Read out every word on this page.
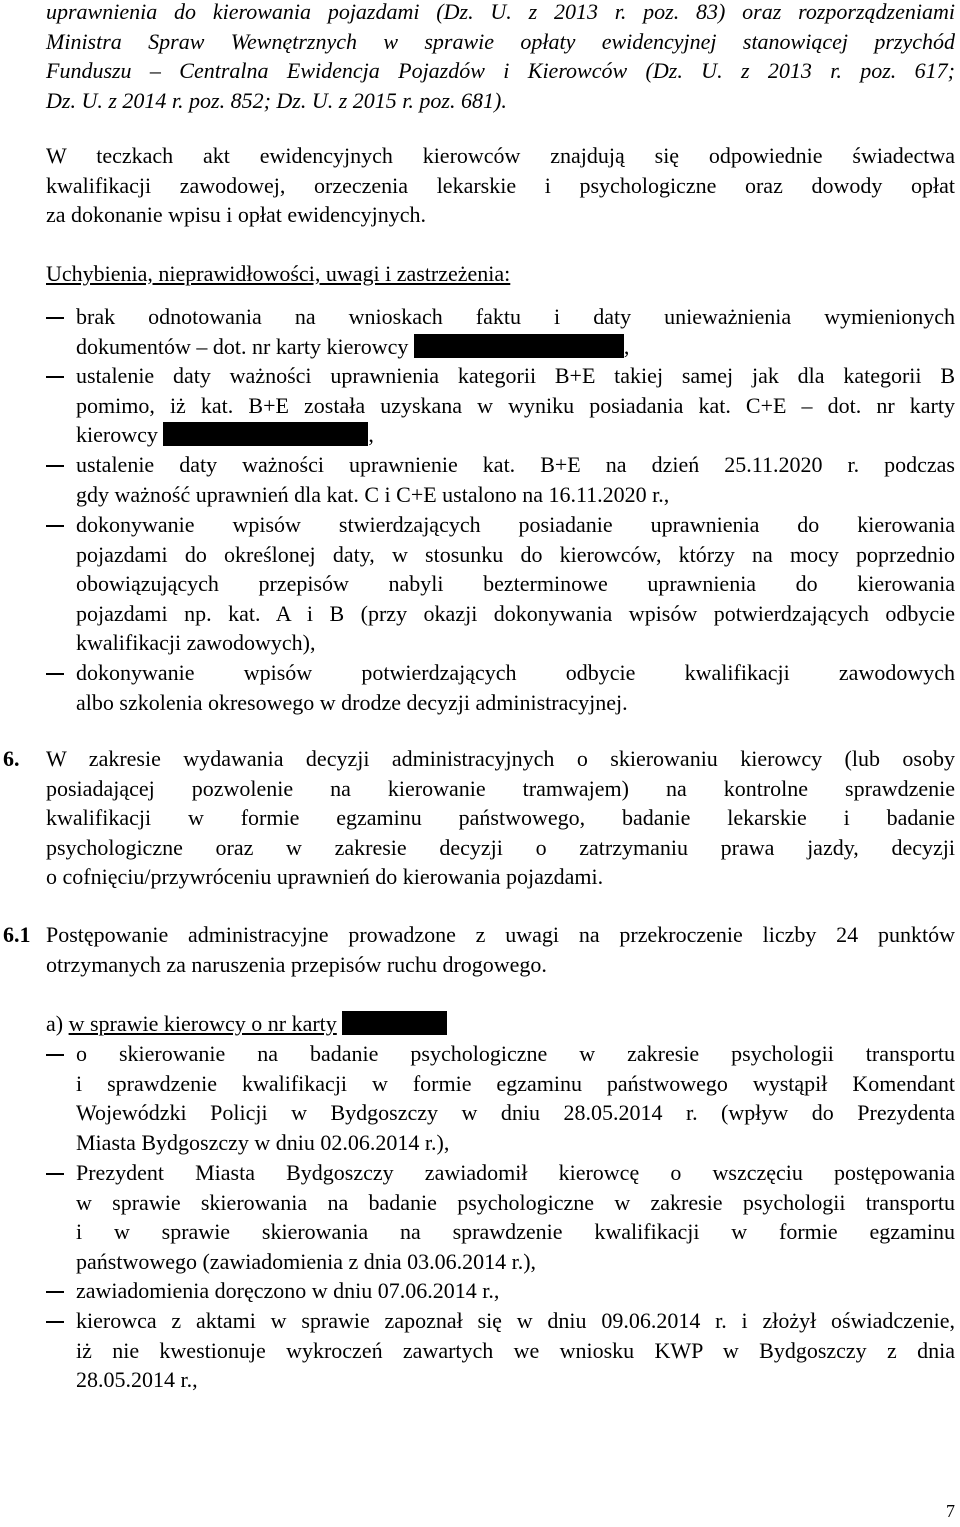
uprawnienia do kierowania pojazdami (Dz. U. z 2013 r. poz. 83) oraz rozporządzeniami

Ministra Spraw Wewnętrznych w sprawie opłaty ewidencyjnej stanowiącej przychód

Funduszu – Centralna Ewidencja Pojazdów i Kierowców (Dz. U. z 2013 r. poz. 617;

Dz. U. z 2014 r. poz. 852; Dz. U. z 2015 r. poz. 681).

W teczkach akt ewidencyjnych kierowców znajdują się odpowiednie świadectwa

kwalifikacji zawodowej, orzeczenia lekarskie i psychologiczne oraz dowody opłat

za dokonanie wpisu i opłat ewidencyjnych.

Uchybienia, nieprawidłowości, uwagi i zastrzeżenia:

brak odnotowania na wnioskach faktu i daty unieważnienia wymienionych

dokumentów – dot. nr karty kierowcy	,

ustalenie daty ważności uprawnienia kategorii B+E takiej samej jak dla kategorii B

pomimo, iż kat. B+E została uzyskana w wyniku posiadania kat. C+E – dot. nr karty

kierowcy	,

ustalenie daty ważności uprawnienie kat. B+E na dzień 25.11.2020 r. podczas

gdy ważność uprawnień dla kat. C i C+E ustalono na 16.11.2020 r.,

dokonywanie wpisów stwierdzających posiadanie uprawnienia do kierowania

pojazdami do określonej daty, w stosunku do kierowców, którzy na mocy poprzednio

obowiązujących przepisów nabyli bezterminowe uprawnienia do kierowania

pojazdami np. kat. A i B (przy okazji dokonywania wpisów potwierdzających odbycie

kwalifikacji zawodowych),

dokonywanie wpisów potwierdzających odbycie kwalifikacji zawodowych

albo szkolenia okresowego w drodze decyzji administracyjnej.

6. W zakresie wydawania decyzji administracyjnych o skierowaniu kierowcy (lub osoby

posiadającej pozwolenie na kierowanie tramwajem) na kontrolne sprawdzenie

kwalifikacji w formie egzaminu państwowego, badanie lekarskie i badanie

psychologiczne oraz w zakresie decyzji o zatrzymaniu prawa jazdy, decyzji

o cofnięciu/przywróceniu uprawnień do kierowania pojazdami.

6.1 Postępowanie administracyjne prowadzone z uwagi na przekroczenie liczby 24 punktów

otrzymanych za naruszenia przepisów ruchu drogowego.

a) w sprawie kierowcy o nr karty

o skierowanie na badanie psychologiczne w zakresie psychologii transportu

i sprawdzenie kwalifikacji w formie egzaminu państwowego wystąpił Komendant

Wojewódzki Policji w Bydgoszczy w dniu 28.05.2014 r. (wpływ do Prezydenta

Miasta Bydgoszczy w dniu 02.06.2014 r.),

Prezydent Miasta Bydgoszczy zawiadomił kierowcę o wszczęciu postępowania

w sprawie skierowania na badanie psychologiczne w zakresie psychologii transportu

i w sprawie skierowania na sprawdzenie kwalifikacji w formie egzaminu

państwowego (zawiadomienia z dnia 03.06.2014 r.),

zawiadomienia doręczono w dniu 07.06.2014 r.,

kierowca z aktami w sprawie zapoznał się w dniu 09.06.2014 r. i złożył oświadczenie,

iż nie kwestionuje wykroczeń zawartych we wniosku KWP w Bydgoszczy z dnia

28.05.2014 r.,

7
